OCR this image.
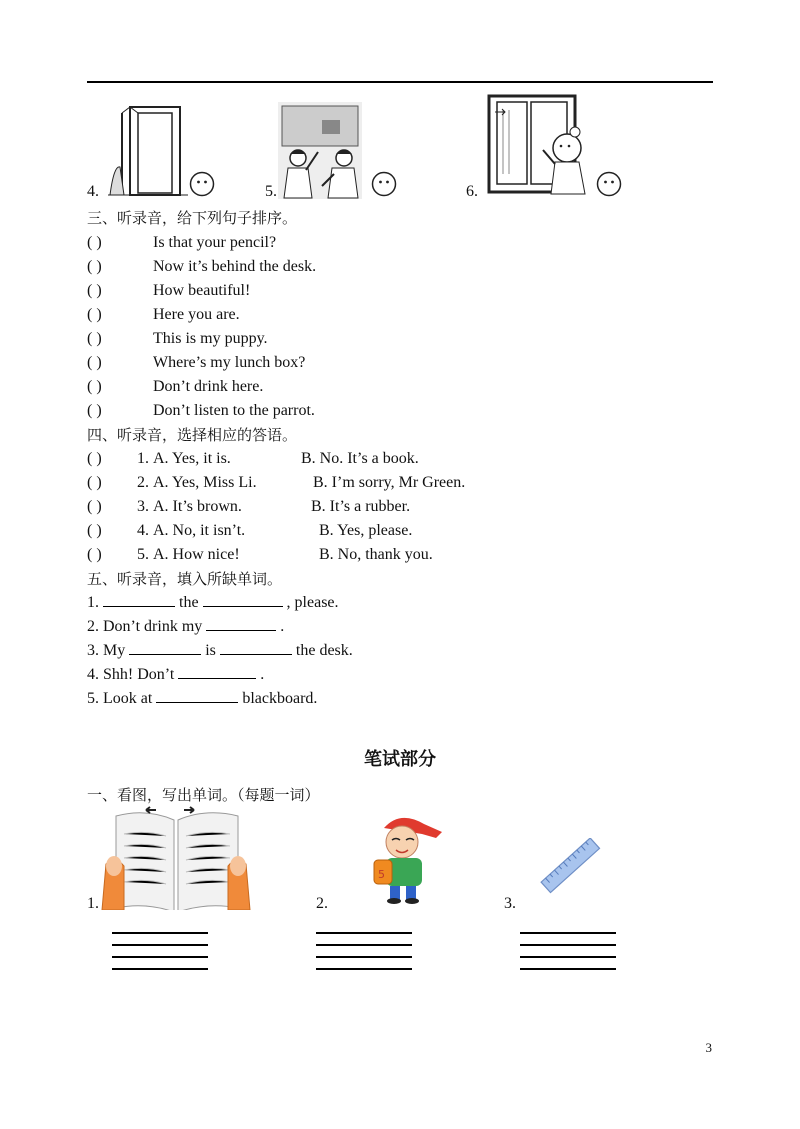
4.	5.	6.
三、听录音，给下列句子排序。
( )	Is that your pencil?
( )	Now it’s behind the desk.
( )	How beautiful!
( )	Here you are.
( )	This is my puppy.
( )	Where’s my lunch box?
( )	Don’t drink here.
( )	Don’t listen to the parrot.
四、听录音，选择相应的答语。
( ) 1. A. Yes, it is.	B. No. It’s a book.
( ) 2. A. Yes, Miss Li.	B. I’m sorry, Mr Green.
( ) 3. A. It’s brown.	B. It’s a rubber.
( ) 4. A. No, it isn’t.	B. Yes, please.
( ) 5. A. How nice!	B. No, thank you.
五、听录音，填入所缺单词。
1.	the	, please.
2. Don’t drink my	.
3. My	is	the desk.
4. Shh! Don’t	.
5. Look at	blackboard.
笔试部分
一、看图，写出单词。（每题一词）
5
1.	2.	3.
3
